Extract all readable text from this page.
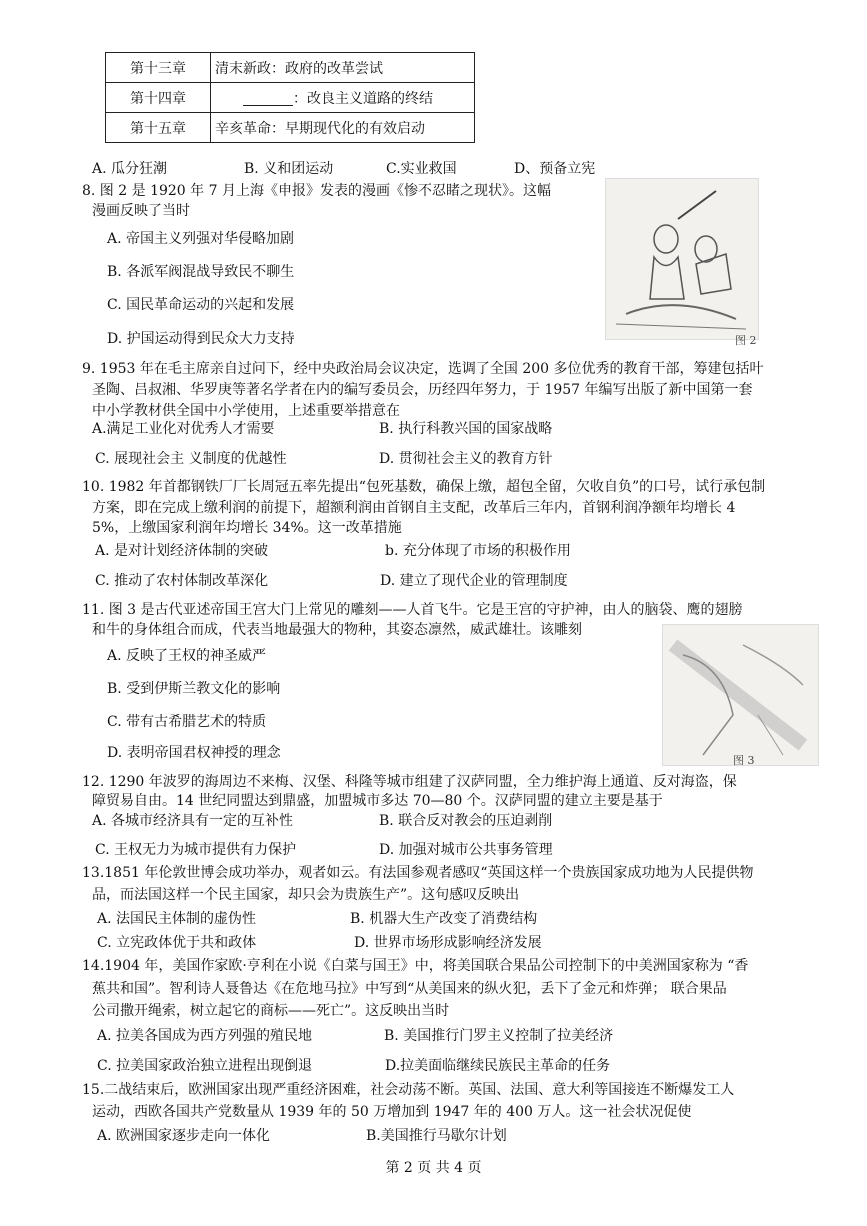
第十三章	清末新政：政府的改革尝试
第十四章	：改良主义道路的终结
第十五章	辛亥革命：早期现代化的有效启动
A. 瓜分狂潮	B. 义和团运动	C.实业救国	D、预备立宪
8. 图 2 是 1920 年 7 月上海《申报》发表的漫画《惨不忍睹之现状》。这幅
漫画反映了当时
A. 帝国主义列强对华侵略加剧
B. 各派军阀混战导致民不聊生
C. 国民革命运动的兴起和发展
D. 护国运动得到民众大力支持	图 2
9. 1953 年在毛主席亲自过问下，经中央政治局会议决定，选调了全国 200 多位优秀的教育干部，筹建包括叶
圣陶、吕叔湘、华罗庚等著名学者在内的编写委员会，历经四年努力，于 1957 年编写出版了新中国第一套
中小学教材供全国中小学使用，上述重要举措意在
A.满足工业化对优秀人才需要	B. 执行科教兴国的国家战略
C. 展现社会主 义制度的优越性	D. 贯彻社会主义的教育方针
10. 1982 年首都钢铁厂厂长周冠五率先提出“包死基数，确保上缴，超包全留，欠收自负”的口号，试行承包制
方案，即在完成上缴利润的前提下，超额利润由首钢自主支配，改革后三年内，首钢利润净额年均增长 4
5%，上缴国家利润年均增长 34%。这一改革措施
A. 是对计划经济体制的突破	b. 充分体现了市场的积极作用
C. 推动了农村体制改革深化	D. 建立了现代企业的管理制度
11. 图 3 是古代亚述帝国王宫大门上常见的雕刻——人首飞牛。它是王宫的守护神，由人的脑袋、鹰的翅膀
和牛的身体组合而成，代表当地最强大的物种，其姿态凛然，威武雄壮。该雕刻
A. 反映了王权的神圣威严
B. 受到伊斯兰教文化的影响
C. 带有古希腊艺术的特质
D. 表明帝国君权神授的理念	图 3
12. 1290 年波罗的海周边不来梅、汉堡、科隆等城市组建了汉萨同盟，全力维护海上通道、反对海盗，保
障贸易自由。14 世纪同盟达到鼎盛，加盟城市多达 70—80 个。汉萨同盟的建立主要是基于
A. 各城市经济具有一定的互补性	B. 联合反对教会的压迫剥削
C. 王权无力为城市提供有力保护	D. 加强对城市公共事务管理
13.1851 年伦敦世博会成功举办，观者如云。有法国参观者感叹“英国这样一个贵族国家成功地为人民提供物
品，而法国这样一个民主国家，却只会为贵族生产”。这句感叹反映出
A. 法国民主体制的虚伪性	B. 机器大生产改变了消费结构
C. 立宪政体优于共和政体	D. 世界市场形成影响经济发展
14.1904 年，美国作家欧·亨利在小说《白菜与国王》中，将美国联合果品公司控制下的中美洲国家称为 “香
蕉共和国”。智利诗人聂鲁达《在危地马拉》中写到“从美国来的纵火犯，丢下了金元和炸弹； 联合果品
公司撒开绳索，树立起它的商标——死亡”。这反映出当时
A. 拉美各国成为西方列强的殖民地	B. 美国推行门罗主义控制了拉美经济
C. 拉美国家政治独立进程出现倒退	D.拉美面临继续民族民主革命的任务
15.二战结束后，欧洲国家出现严重经济困难，社会动荡不断。英国、法国、意大利等国接连不断爆发工人
运动，西欧各国共产党数量从 1939 年的 50 万增加到 1947 年的 400 万人。这一社会状况促使
A. 欧洲国家逐步走向一体化	B.美国推行马歇尔计划
第 2 页 共 4 页
